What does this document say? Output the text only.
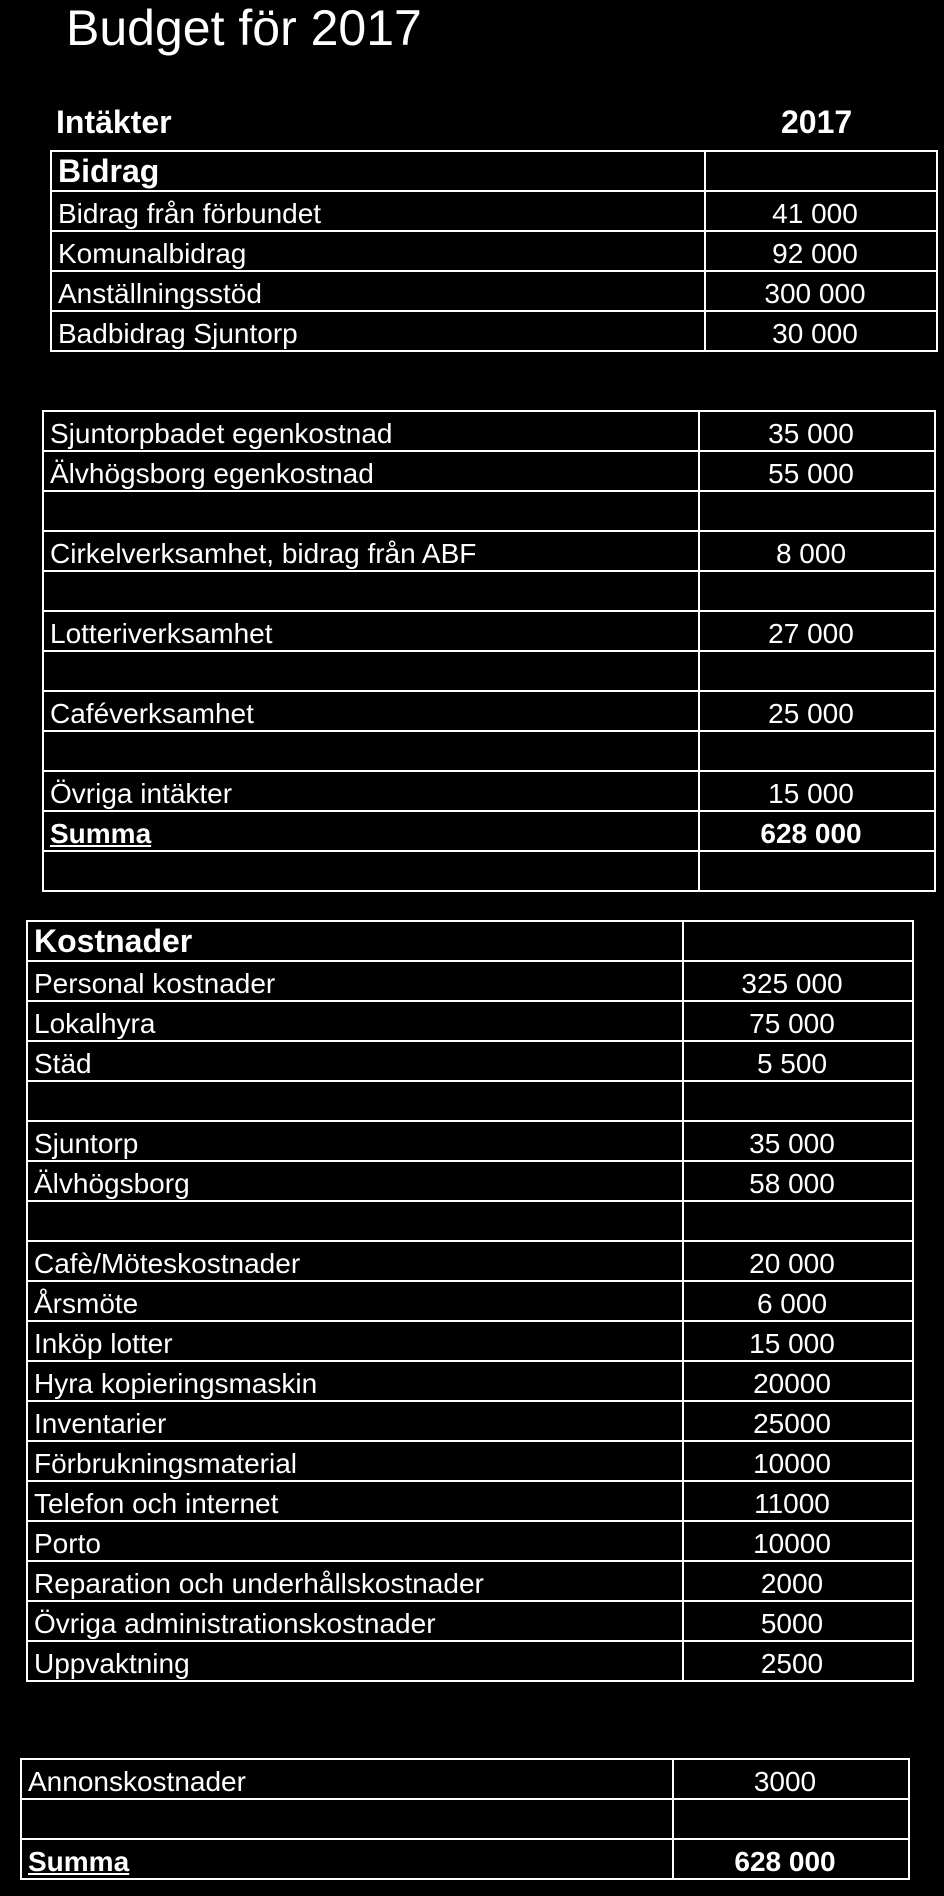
Budget för 2017
Intäkter	2017
Bidrag	
Bidrag från förbundet	41 000
Komunalbidrag	92 000
Anställningsstöd	300 000
Badbidrag Sjuntorp	30 000
Sjuntorpbadet egenkostnad	35 000
Älvhögsborg egenkostnad	55 000

Cirkelverksamhet, bidrag från ABF	8 000

Lotteriverksamhet	27 000

Caféverksamhet	25 000

Övriga intäkter	15 000
Summa	628 000

Kostnader	
Personal kostnader	325 000
Lokalhyra	75 000
Städ	5 500

Sjuntorp	35 000
Älvhögsborg	58 000

Cafè/Möteskostnader	20 000
Årsmöte	6 000
Inköp lotter	15 000
Hyra kopieringsmaskin	20000
Inventarier	25000
Förbrukningsmaterial	10000
Telefon och internet	11000
Porto	10000
Reparation och underhållskostnader	2000
Övriga administrationskostnader	5000
Uppvaktning	2500
Annonskostnader	3000

Summa	628 000
